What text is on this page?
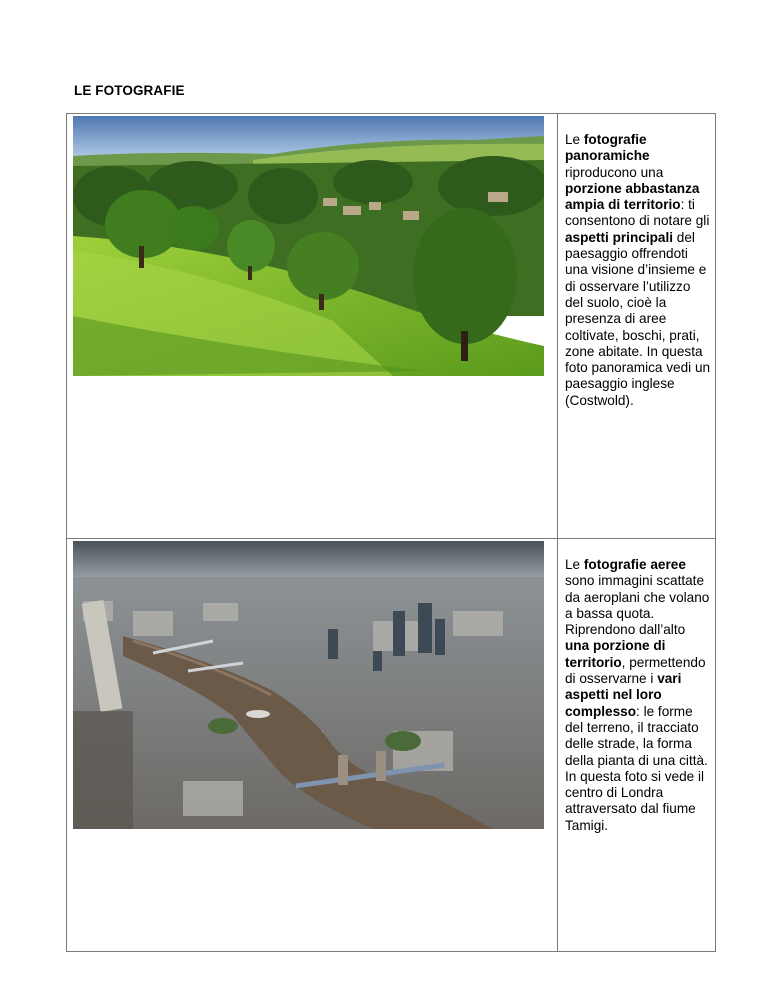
LE FOTOGRAFIE

Le fotografie panoramiche riproducono una porzione abbastanza ampia di territorio: ti consentono di notare gli aspetti principali del paesaggio offrendoti una visione d’insieme e di osservare l’utilizzo del suolo, cioè la presenza di aree coltivate, boschi, prati, zone abitate. In questa foto panoramica vedi un paesaggio inglese (Costwold).

Le fotografie aeree sono immagini scattate da aeroplani che volano a bassa quota. Riprendono dall’alto una porzione di territorio, permettendo di osservarne i vari aspetti nel loro complesso: le forme del terreno, il tracciato delle strade, la forma della pianta di una città. In questa foto si vede il centro di Londra attraversato dal fiume Tamigi.
